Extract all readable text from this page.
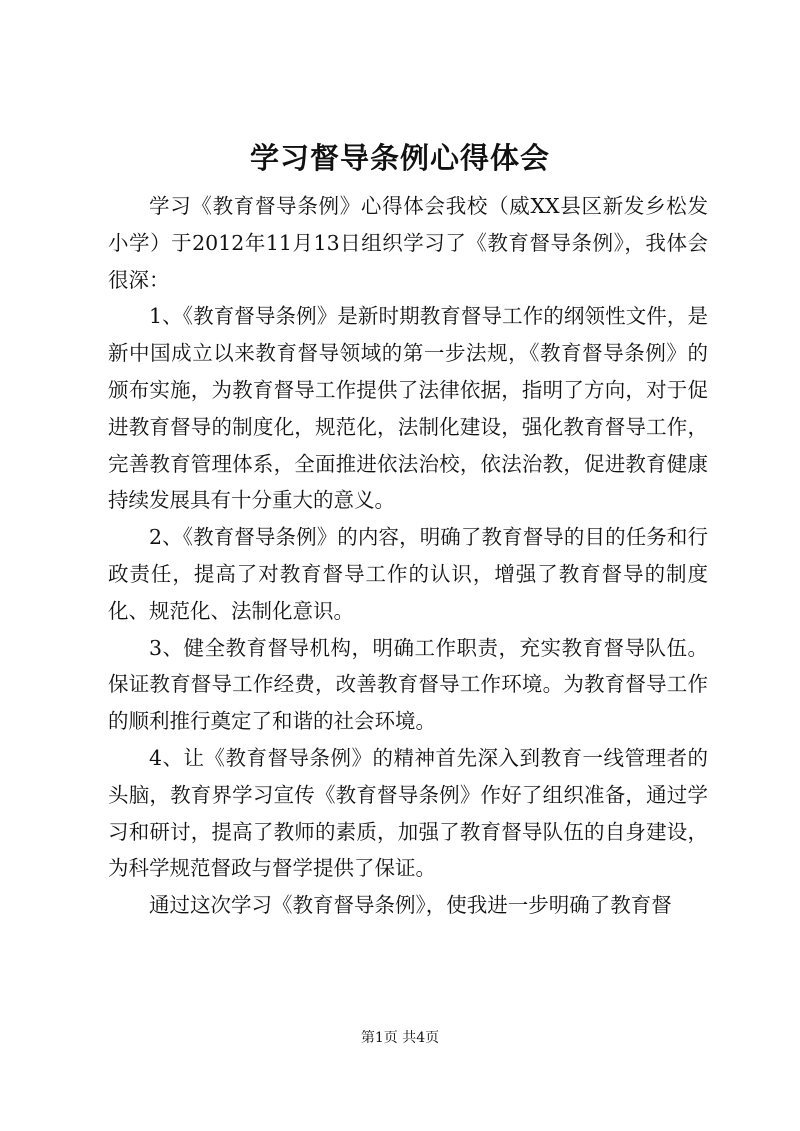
学习督导条例心得体会

学习《教育督导条例》心得体会我校（威XX县区新发乡松发小学）于2012年11月13日组织学习了《教育督导条例》，我体会很深：

1、《教育督导条例》是新时期教育督导工作的纲领性文件，是新中国成立以来教育督导领域的第一步法规，《教育督导条例》的颁布实施，为教育督导工作提供了法律依据，指明了方向，对于促进教育督导的制度化，规范化，法制化建设，强化教育督导工作，完善教育管理体系，全面推进依法治校，依法治教，促进教育健康持续发展具有十分重大的意义。

2、《教育督导条例》的内容，明确了教育督导的目的任务和行政责任，提高了对教育督导工作的认识，增强了教育督导的制度化、规范化、法制化意识。

3、健全教育督导机构，明确工作职责，充实教育督导队伍。保证教育督导工作经费，改善教育督导工作环境。为教育督导工作的顺利推行奠定了和谐的社会环境。

4、让《教育督导条例》的精神首先深入到教育一线管理者的头脑，教育界学习宣传《教育督导条例》作好了组织准备，通过学习和研讨，提高了教师的素质，加强了教育督导队伍的自身建设，为科学规范督政与督学提供了保证。

通过这次学习《教育督导条例》，使我进一步明确了教育督

第1页 共4页
